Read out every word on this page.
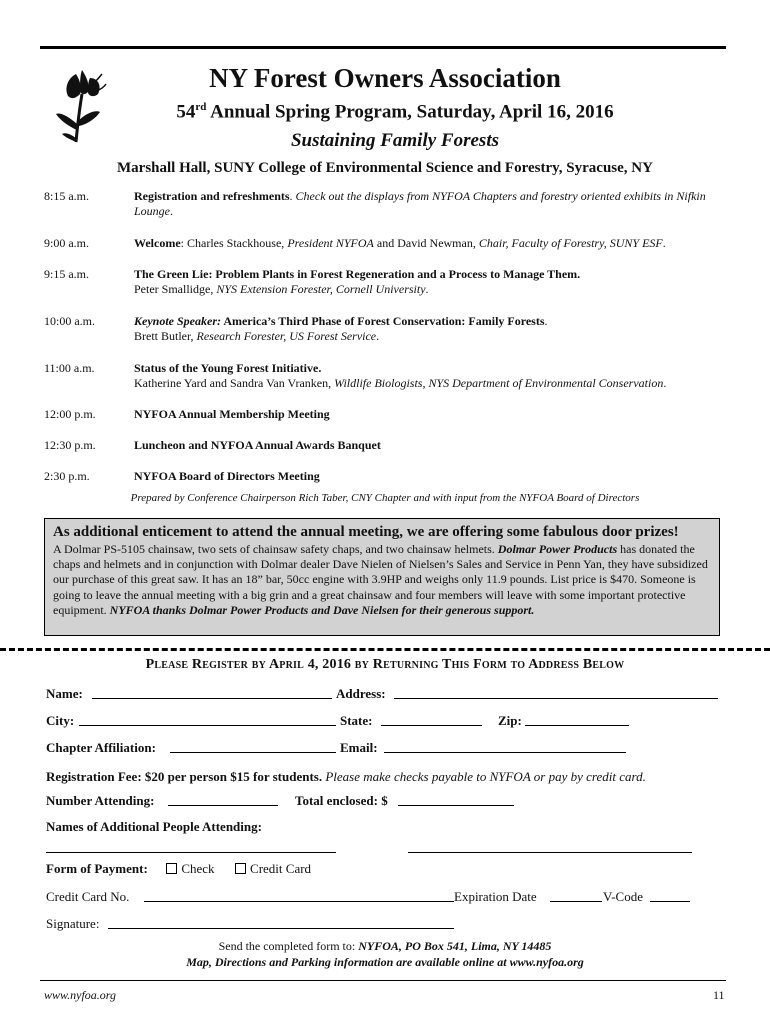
NY Forest Owners Association
54rd Annual Spring Program, Saturday, April 16, 2016
Sustaining Family Forests
Marshall Hall, SUNY College of Environmental Science and Forestry, Syracuse, NY
8:15 a.m.	Registration and refreshments. Check out the displays from NYFOA Chapters and forestry oriented exhibits in Nifkin Lounge.
9:00 a.m.	Welcome: Charles Stackhouse, President NYFOA and David Newman, Chair, Faculty of Forestry, SUNY ESF.
9:15 a.m.	The Green Lie: Problem Plants in Forest Regeneration and a Process to Manage Them.
Peter Smallidge, NYS Extension Forester, Cornell University.
10:00 a.m.	Keynote Speaker: America’s Third Phase of Forest Conservation: Family Forests.
Brett Butler, Research Forester, US Forest Service.
11:00 a.m.	Status of the Young Forest Initiative.
Katherine Yard and Sandra Van Vranken, Wildlife Biologists, NYS Department of Environmental Conservation.
12:00 p.m.	NYFOA Annual Membership Meeting
12:30 p.m.	Luncheon and NYFOA Annual Awards Banquet
2:30 p.m.	NYFOA Board of Directors Meeting
Prepared by Conference Chairperson Rich Taber, CNY Chapter and with input from the NYFOA Board of Directors
As additional enticement to attend the annual meeting, we are offering some fabulous door prizes!
A Dolmar PS-5105 chainsaw, two sets of chainsaw safety chaps, and two chainsaw helmets. Dolmar Power Products has donated the chaps and helmets and in conjunction with Dolmar dealer Dave Nielen of Nielsen’s Sales and Service in Penn Yan, they have subsidized our purchase of this great saw. It has an 18” bar, 50cc engine with 3.9HP and weighs only 11.9 pounds. List price is $470. Someone is going to leave the annual meeting with a big grin and a great chainsaw and four members will leave with some important protective equipment. NYFOA thanks Dolmar Power Products and Dave Nielsen for their generous support.
Please Register by April 4, 2016 by Returning This Form to Address Below
Name:	Address:
City:	State:	Zip:
Chapter Affiliation:	Email:
Registration Fee: $20 per person $15 for students. Please make checks payable to NYFOA or pay by credit card.
Number Attending:	Total enclosed: $
Names of Additional People Attending:
Form of Payment:	Check	Credit Card
Credit Card No.	Expiration Date	V-Code
Signature:
Send the completed form to: NYFOA, PO Box 541, Lima, NY 14485
Map, Directions and Parking information are available online at www.nyfoa.org
www.nyfoa.org	11
